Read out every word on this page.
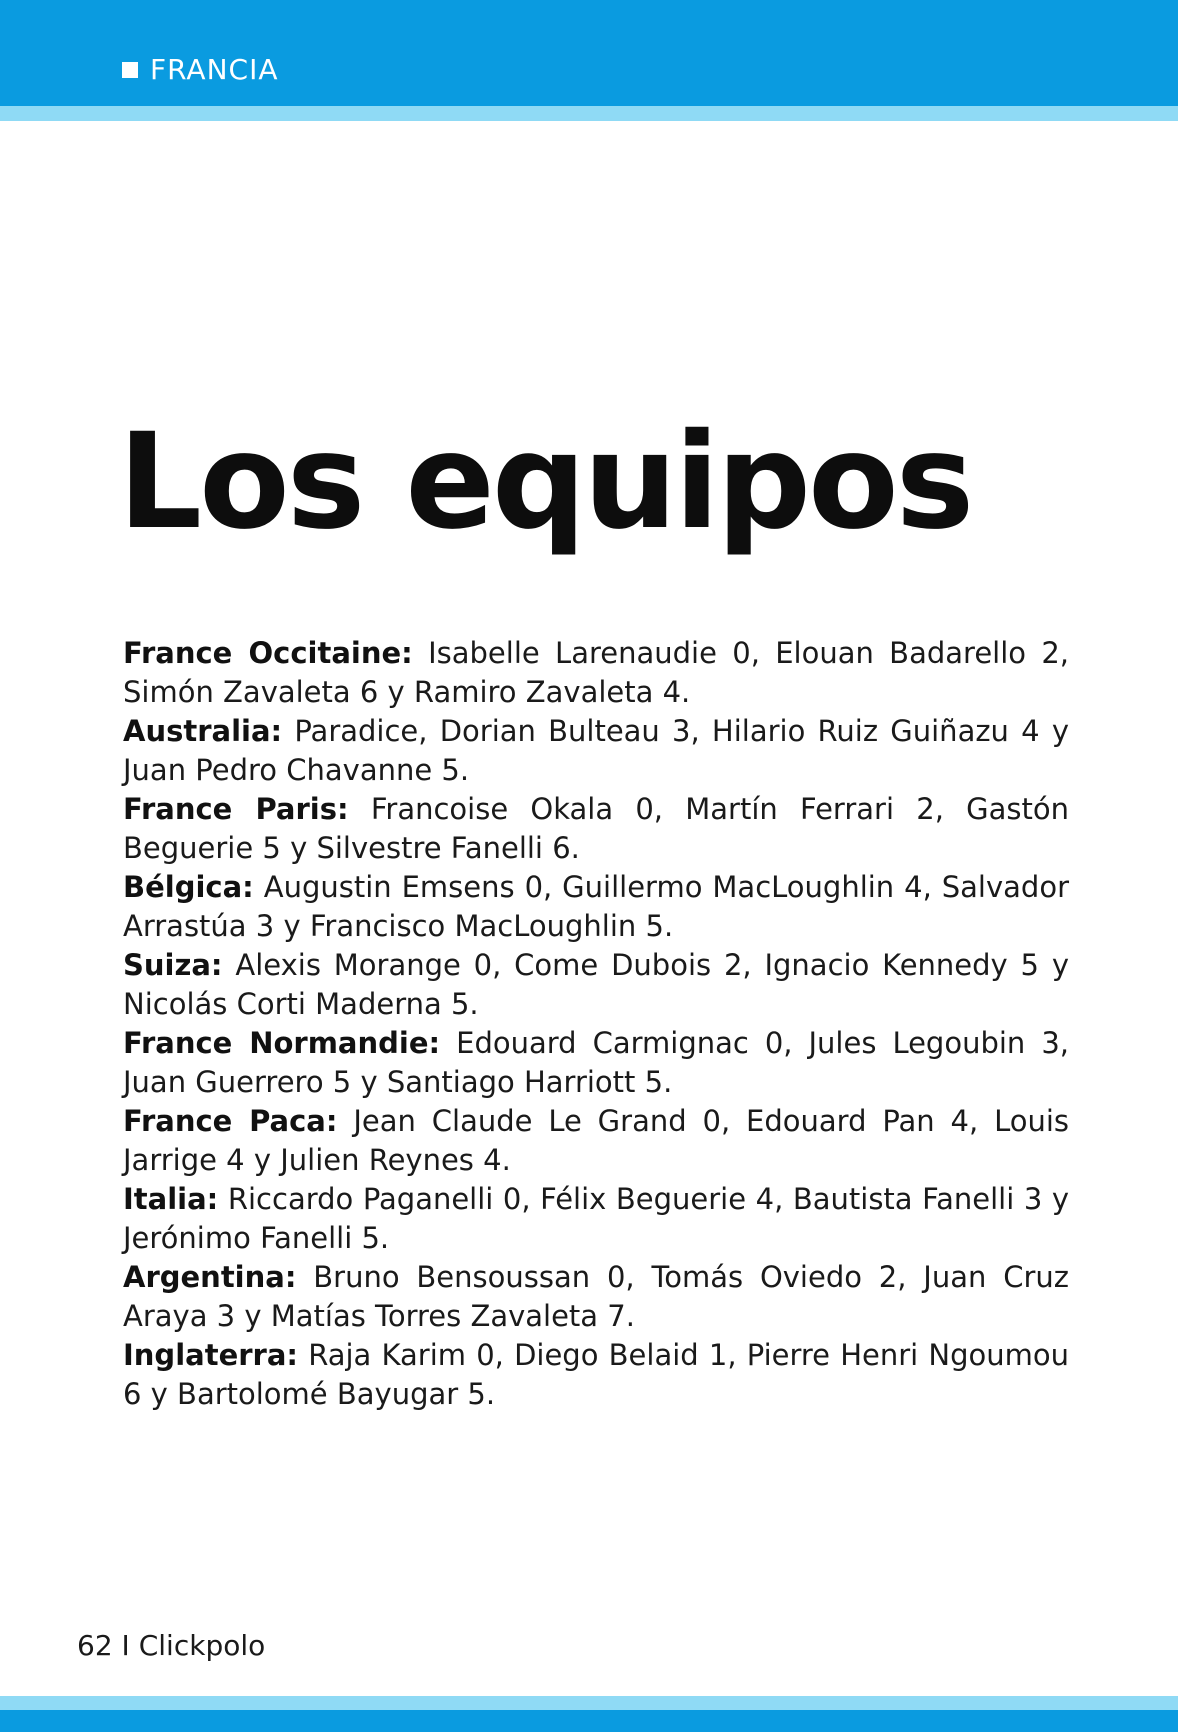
FRANCIA
Los equipos
France Occitaine: Isabelle Larenaudie 0, Elouan Badarello 2, Simón Zavaleta 6 y Ramiro Zavaleta 4.
Australia: Paradice, Dorian Bulteau 3, Hilario Ruiz Guiñazu 4 y Juan Pedro Chavanne 5.
France Paris: Francoise Okala 0, Martín Ferrari 2, Gastón Beguerie 5 y Silvestre Fanelli 6.
Bélgica: Augustin Emsens 0, Guillermo MacLoughlin 4, Salvador Arrastúa 3 y Francisco MacLoughlin 5.
Suiza: Alexis Morange 0, Come Dubois 2, Ignacio Kennedy 5 y Nicolás Corti Maderna 5.
France Normandie: Edouard Carmignac 0, Jules Legoubin 3, Juan Guerrero 5 y Santiago Harriott 5.
France Paca: Jean Claude Le Grand 0, Edouard Pan 4, Louis Jarrige 4 y Julien Reynes 4.
Italia: Riccardo Paganelli 0, Félix Beguerie 4, Bautista Fanelli 3 y Jerónimo Fanelli 5.
Argentina: Bruno Bensoussan 0, Tomás Oviedo 2, Juan Cruz Araya 3 y Matías Torres Zavaleta 7.
Inglaterra: Raja Karim 0, Diego Belaid 1, Pierre Henri Ngoumou 6 y Bartolomé Bayugar 5.
62 I Clickpolo
